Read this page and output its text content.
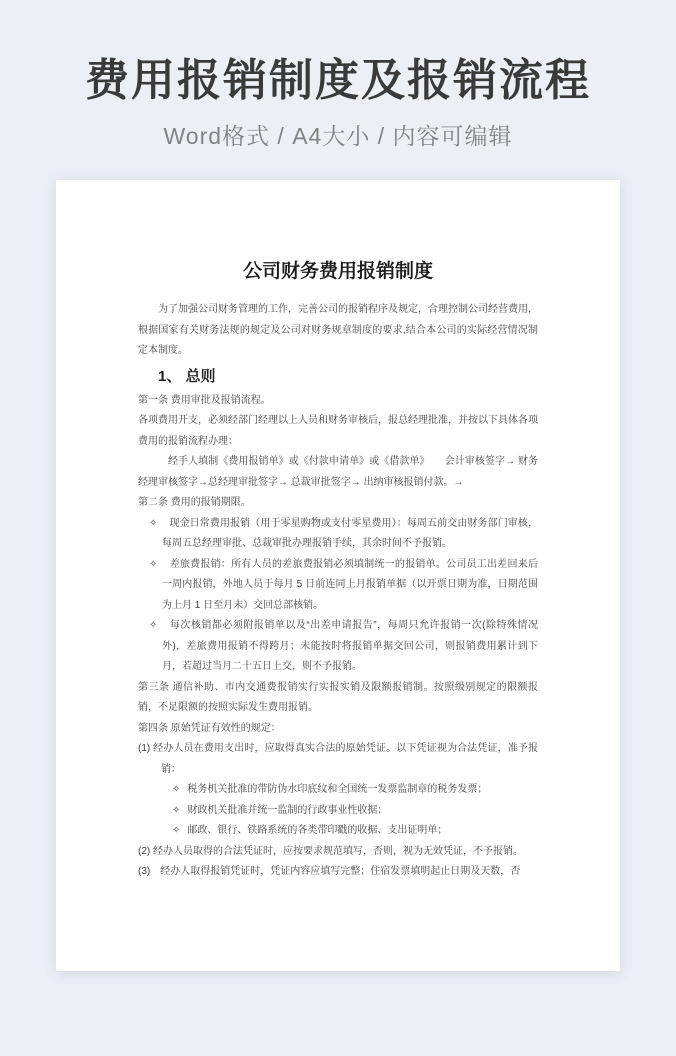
费用报销制度及报销流程
Word格式 / A4大小 / 内容可编辑
公司财务费用报销制度

为了加强公司财务管理的工作，完善公司的报销程序及规定，合理控制公司经营费用，根据国家有关财务法规的规定及公司对财务规章制度的要求,结合本公司的实际经营情况制定本制度。

1、 总则

第一条 费用审批及报销流程。

各项费用开支，必须经部门经理以上人员和财务审核后，报总经理批准，并按以下具体各项费用的报销流程办理：

经手人填制《费用报销单》或《付款申请单》或《借款单》　　会计审核签字→ 财务经理审核签字→总经理审批签字→ 总裁审批签字→ 出纳审核报销付款。→

第二条 费用的报销期限。

✧ 现金日常费用报销（用于零星购物或支付零星费用）：每周五前交由财务部门审核，每周五总经理审批、总裁审批办理报销手续，其余时间不予报销。

✧ 差旅费报销：所有人员的差旅费报销必须填制统一的报销单。公司员工出差回来后一周内报销，外地人员于每月 5 日前连同上月报销单据（以开票日期为准，日期范围为上月 1 日至月末）交回总部核销。

✧ 每次核销都必须附报销单以及“出差申请报告”，每周只允许报销一次(除特殊情况外)，差旅费用报销不得跨月；未能按时将报销单据交回公司，则报销费用累计到下月，若超过当月二十五日上交，则不予报销。

第三条 通信补助、市内交通费报销实行实报实销及限额报销制。按照级别规定的限额报销，不足限额的按照实际发生费用报销。

第四条 原始凭证有效性的规定：

(1) 经办人员在费用支出时，应取得真实合法的原始凭证。以下凭证视为合法凭证，准予报销：

✧ 税务机关批准的带防伪水印底纹和全国统一发票监制章的税务发票；

✧ 财政机关批准并统一监制的行政事业性收据；

✧ 邮政、银行、铁路系统的各类带印戳的收据、支出证明单；

(2) 经办人员取得的合法凭证时，应按要求规范填写，否则，视为无效凭证，不予报销。

(3)　经办人取得报销凭证时，凭证内容应填写完整；住宿发票填明起止日期及天数，否
